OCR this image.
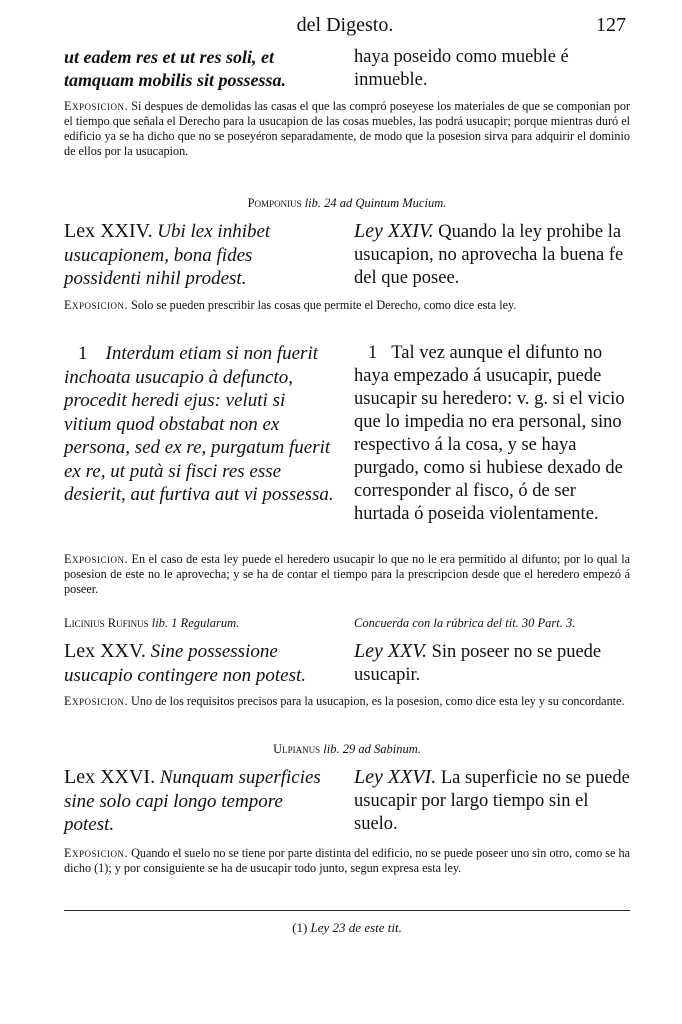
del Digesto.	127
ut eadem res et ut res soli, et tamquam mobilis sit possessa.
haya poseido como mueble é inmueble.
Exposicion. Si despues de demolidas las casas el que las compró poseyese los materiales de que se componian por el tiempo que señala el Derecho para la usucapion de las cosas muebles, las podrá usucapir; porque mientras duró el edificio ya se ha dicho que no se poseyéron separadamente, de modo que la posesion sirva para adquirir el dominio de ellos por la usucapion.
Pomponius lib. 24 ad Quintum Mucium.
Lex XXIV. Ubi lex inhibet usucapionem, bona fides possidenti nihil prodest.
Ley XXIV. Quando la ley prohibe la usucapion, no aprovecha la buena fe del que posee.
Exposicion. Solo se pueden prescribir las cosas que permite el Derecho, como dice esta ley.
1 Interdum etiam si non fuerit inchoata usucapio à defuncto, procedit heredi ejus: veluti si vitium quod obstabat non ex persona, sed ex re, purgatum fuerit ex re, ut putà si fisci res esse desierit, aut furtiva aut vi possessa.
1 Tal vez aunque el difunto no haya empezado á usucapir, puede usucapir su heredero: v. g. si el vicio que lo impedia no era personal, sino respectivo á la cosa, y se haya purgado, como si hubiese dexado de corresponder al fisco, ó de ser hurtada ó poseida violentamente.
Exposicion. En el caso de esta ley puede el heredero usucapir lo que no le era permitido al difunto; por lo qual la posesion de este no le aprovecha; y se ha de contar el tiempo para la prescripcion desde que el heredero empezó á poseer.
Licinius Rufinus lib. 1 Regularum.	Concuerda con la rúbrica del tit. 30 Part. 3.
Lex XXV. Sine possessione usucapio contingere non potest.
Ley XXV. Sin poseer no se puede usucapir.
Exposicion. Uno de los requisitos precisos para la usucapion, es la posesion, como dice esta ley y su concordante.
Ulpianus lib. 29 ad Sabinum.
Lex XXVI. Nunquam superficies sine solo capi longo tempore potest.
Ley XXVI. La superficie no se puede usucapir por largo tiempo sin el suelo.
Exposicion. Quando el suelo no se tiene por parte distinta del edificio, no se puede poseer uno sin otro, como se ha dicho (1); y por consiguiente se ha de usucapir todo junto, segun expresa esta ley.
(1) Ley 23 de este tit.
